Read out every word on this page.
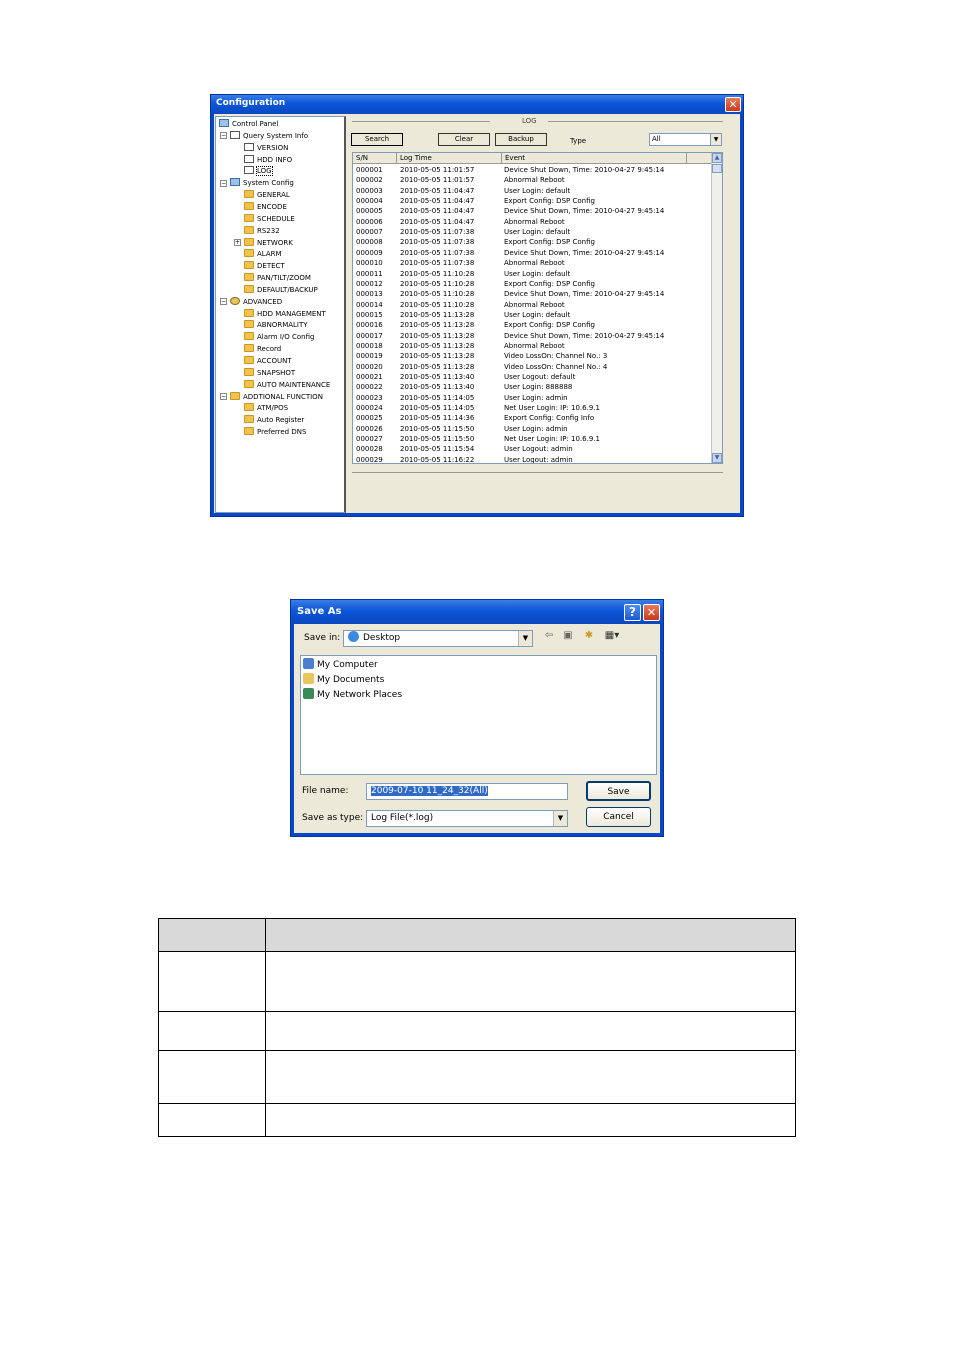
Configuration	✕
Control Panel
−	Query System Info
VERSION
HDD INFO
LOG
−	System Config
GENERAL
ENCODE
SCHEDULE
RS232
+	NETWORK
ALARM
DETECT
PAN/TILT/ZOOM
DEFAULT/BACKUP
−	ADVANCED
HDD MANAGEMENT
ABNORMALITY
Alarm I/O Config
Record
ACCOUNT
SNAPSHOT
AUTO MAINTENANCE
−	ADDTIONAL FUNCTION
ATM/POS
Auto Register
Preferred DNS
LOG
Search	Clear	Backup	Type	All	▼
S/N	Log Time	Event
000001 2010-05-05 11:01:57	Device Shut Down, Time: 2010-04-27 9:45:14
000002 2010-05-05 11:01:57	Abnormal Reboot
000003 2010-05-05 11:04:47	User Login: default
000004 2010-05-05 11:04:47	Export Config: DSP Config
000005 2010-05-05 11:04:47	Device Shut Down, Time: 2010-04-27 9:45:14
000006 2010-05-05 11:04:47	Abnormal Reboot
000007 2010-05-05 11:07:38	User Login: default
000008 2010-05-05 11:07:38	Export Config: DSP Config
000009 2010-05-05 11:07:38	Device Shut Down, Time: 2010-04-27 9:45:14
000010 2010-05-05 11:07:38	Abnormal Reboot
000011 2010-05-05 11:10:28	User Login: default
000012 2010-05-05 11:10:28	Export Config: DSP Config
000013 2010-05-05 11:10:28	Device Shut Down, Time: 2010-04-27 9:45:14
000014 2010-05-05 11:10:28	Abnormal Reboot
000015 2010-05-05 11:13:28	User Login: default
000016 2010-05-05 11:13:28	Export Config: DSP Config
000017 2010-05-05 11:13:28	Device Shut Down, Time: 2010-04-27 9:45:14
000018 2010-05-05 11:13:28	Abnormal Reboot
000019 2010-05-05 11:13:28	Video LossOn: Channel No.: 3
000020 2010-05-05 11:13:28	Video LossOn: Channel No.: 4
000021 2010-05-05 11:13:40	User Logout: default
000022 2010-05-05 11:13:40	User Login: 888888
000023 2010-05-05 11:14:05	User Login: admin
000024 2010-05-05 11:14:05	Net User Login: IP: 10.6.9.1
000025 2010-05-05 11:14:36	Export Config: Config Info
000026 2010-05-05 11:15:50	User Login: admin
000027 2010-05-05 11:15:50	Net User Login: IP: 10.6.9.1
000028 2010-05-05 11:15:54	User Logout: admin
000029 2010-05-05 11:16:22	User Logout: admin
▲
▼
Save As	? ✕
Save in:	Desktop	▼	⇦ ▣ ✱	▦▾
My Computer
My Documents
My Network Places
File name:	2009-07-10 11_24_32(All)
Save as type: Log File(*.log)	▼
Save
Cancel
